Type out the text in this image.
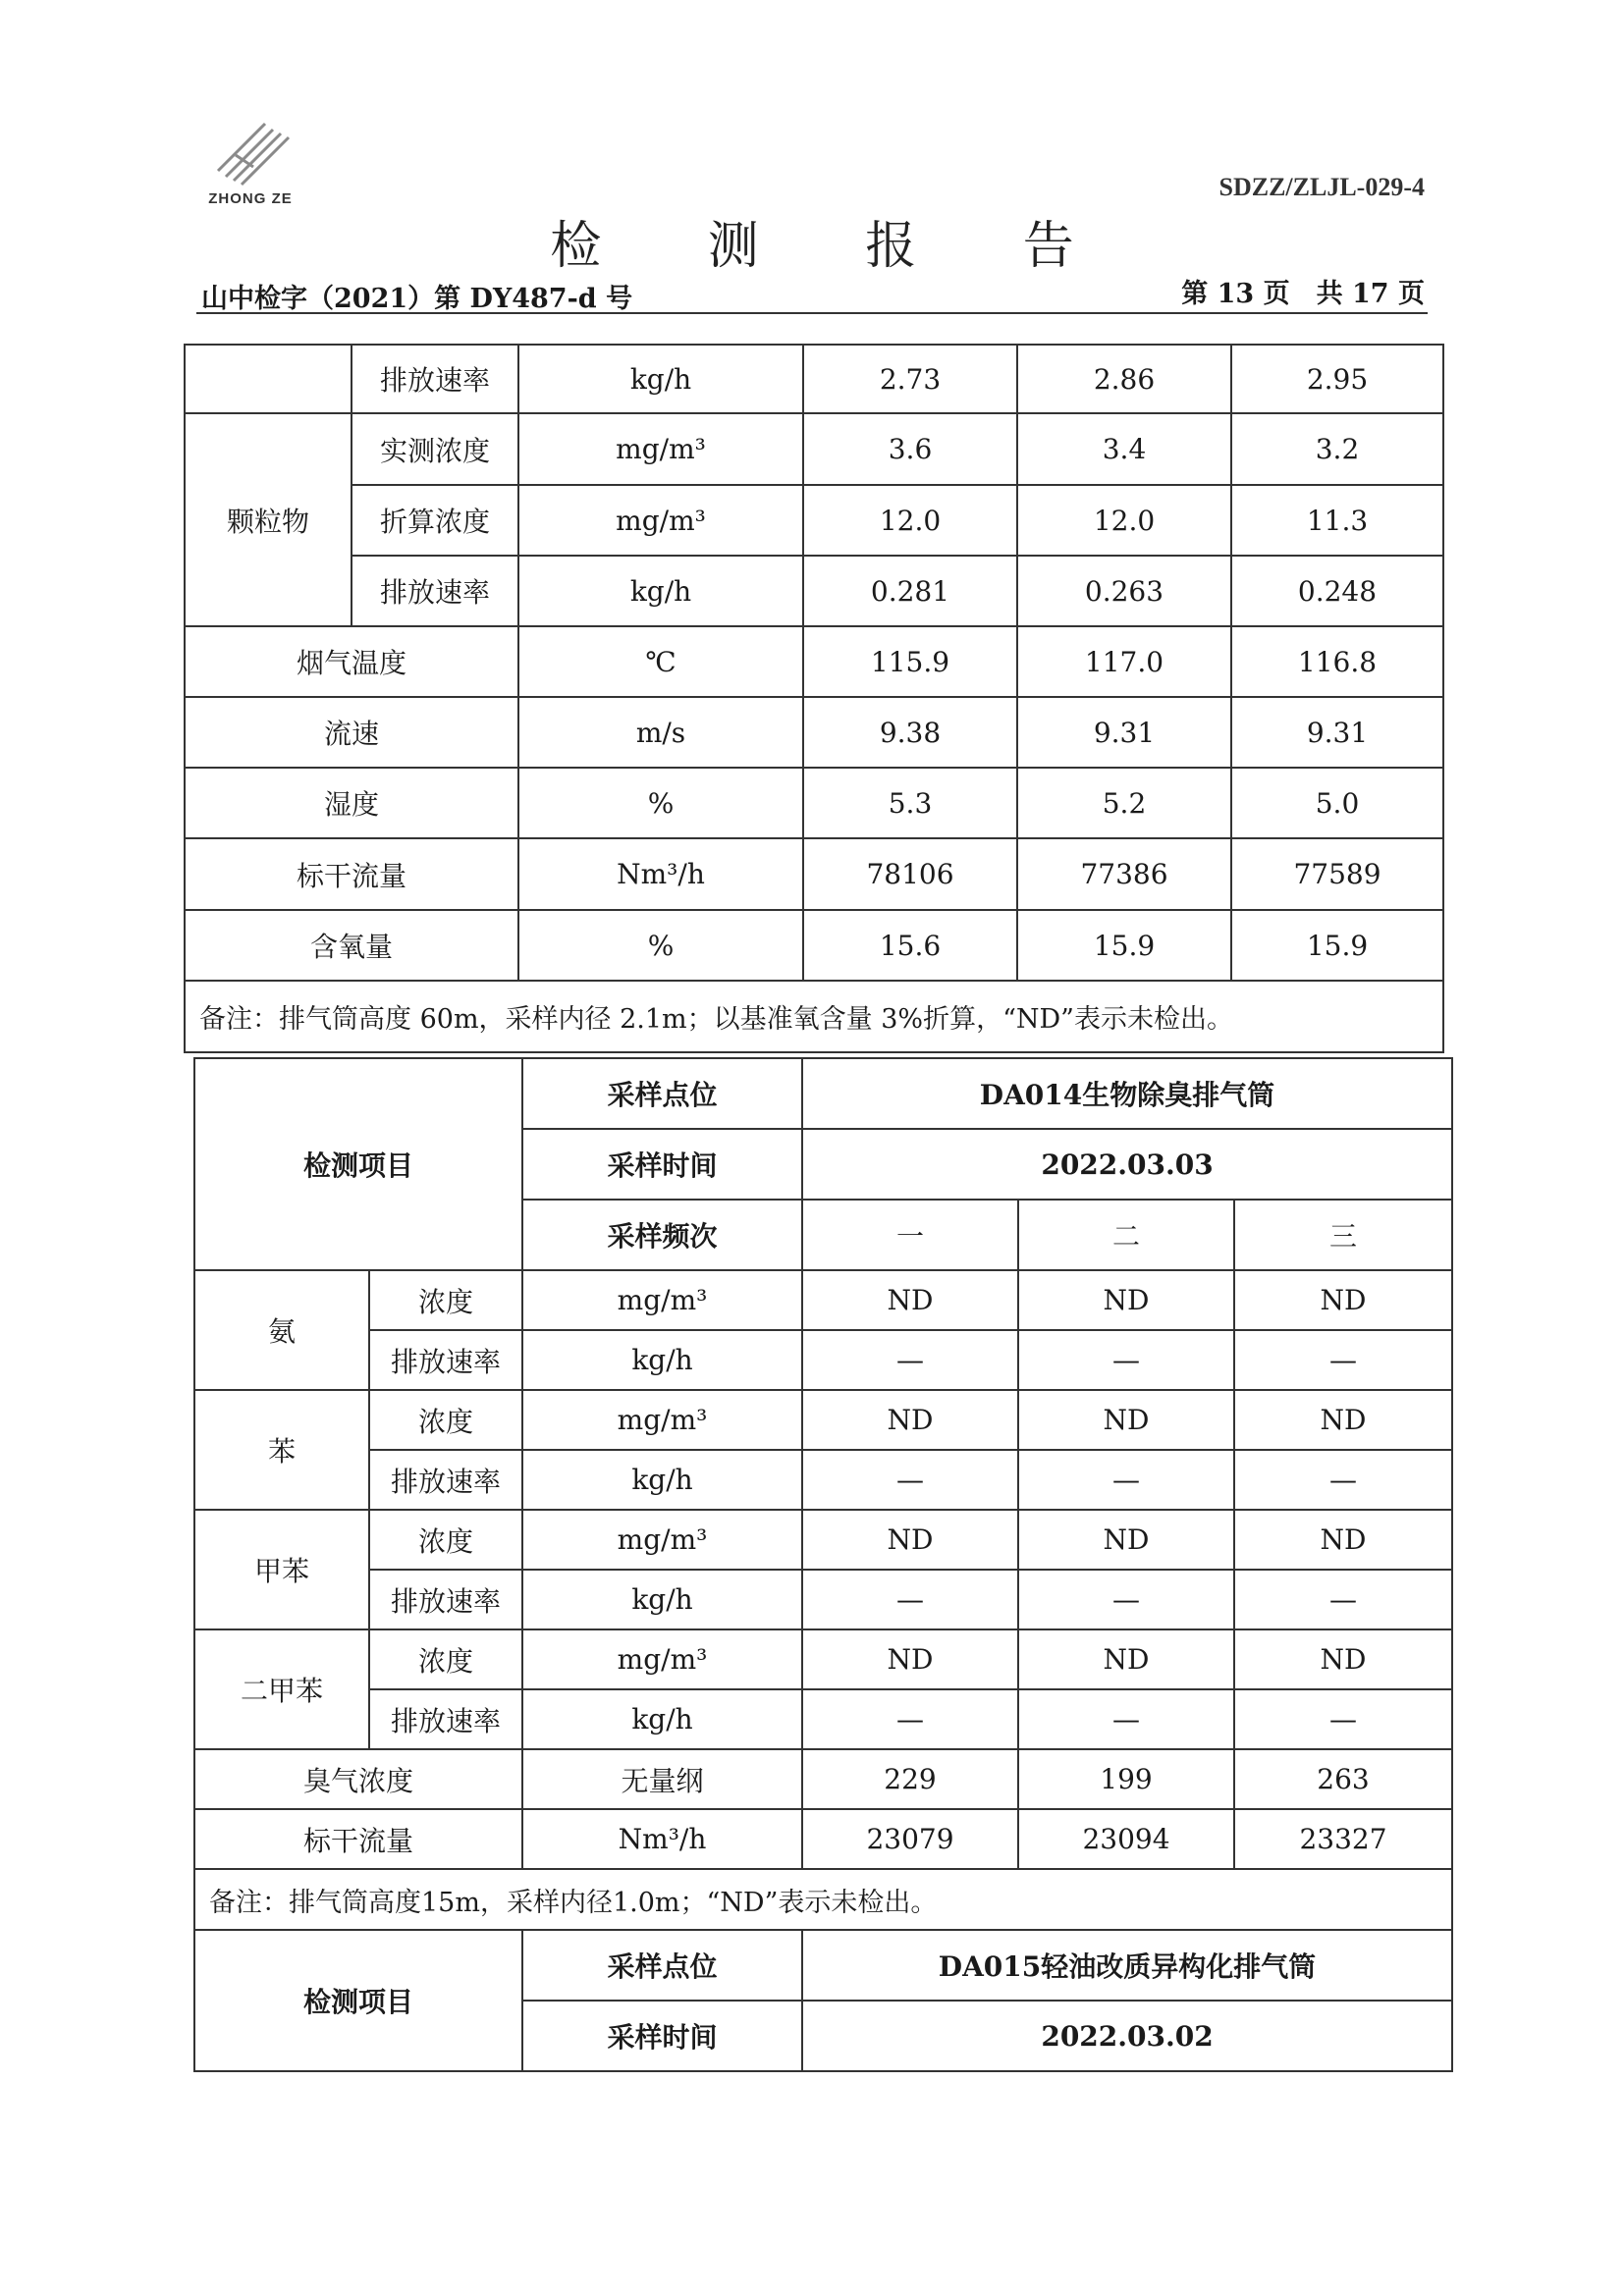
ZHONG ZE	SDZZ/ZLJL-029-4
检 测 报 告
山中检字（2021）第 DY487-d 号	第 13 页　共 17 页
	排放速率	kg/h	2.73	2.86	2.95
颗粒物	实测浓度	mg/m³	3.6	3.4	3.2
	折算浓度	mg/m³	12.0	12.0	11.3
	排放速率	kg/h	0.281	0.263	0.248
烟气温度		℃	115.9	117.0	116.8
流速		m/s	9.38	9.31	9.31
湿度		%	5.3	5.2	5.0
标干流量		Nm³/h	78106	77386	77589
含氧量		%	15.6	15.9	15.9
备注：排气筒高度 60m，采样内径 2.1m；以基准氧含量 3%折算，“ND”表示未检出。					
检测项目		采样点位	DA014生物除臭排气筒		
		采样时间	2022.03.03		
		采样频次	一	二	三
氨	浓度	mg/m³	ND	ND	ND
	排放速率	kg/h	—	—	—
苯	浓度	mg/m³	ND	ND	ND
	排放速率	kg/h	—	—	—
甲苯	浓度	mg/m³	ND	ND	ND
	排放速率	kg/h	—	—	—
二甲苯	浓度	mg/m³	ND	ND	ND
	排放速率	kg/h	—	—	—
臭气浓度		无量纲	229	199	263
标干流量		Nm³/h	23079	23094	23327
备注：排气筒高度15m，采样内径1.0m；“ND”表示未检出。					
检测项目		采样点位	DA015轻油改质异构化排气筒		
		采样时间	2022.03.02		
